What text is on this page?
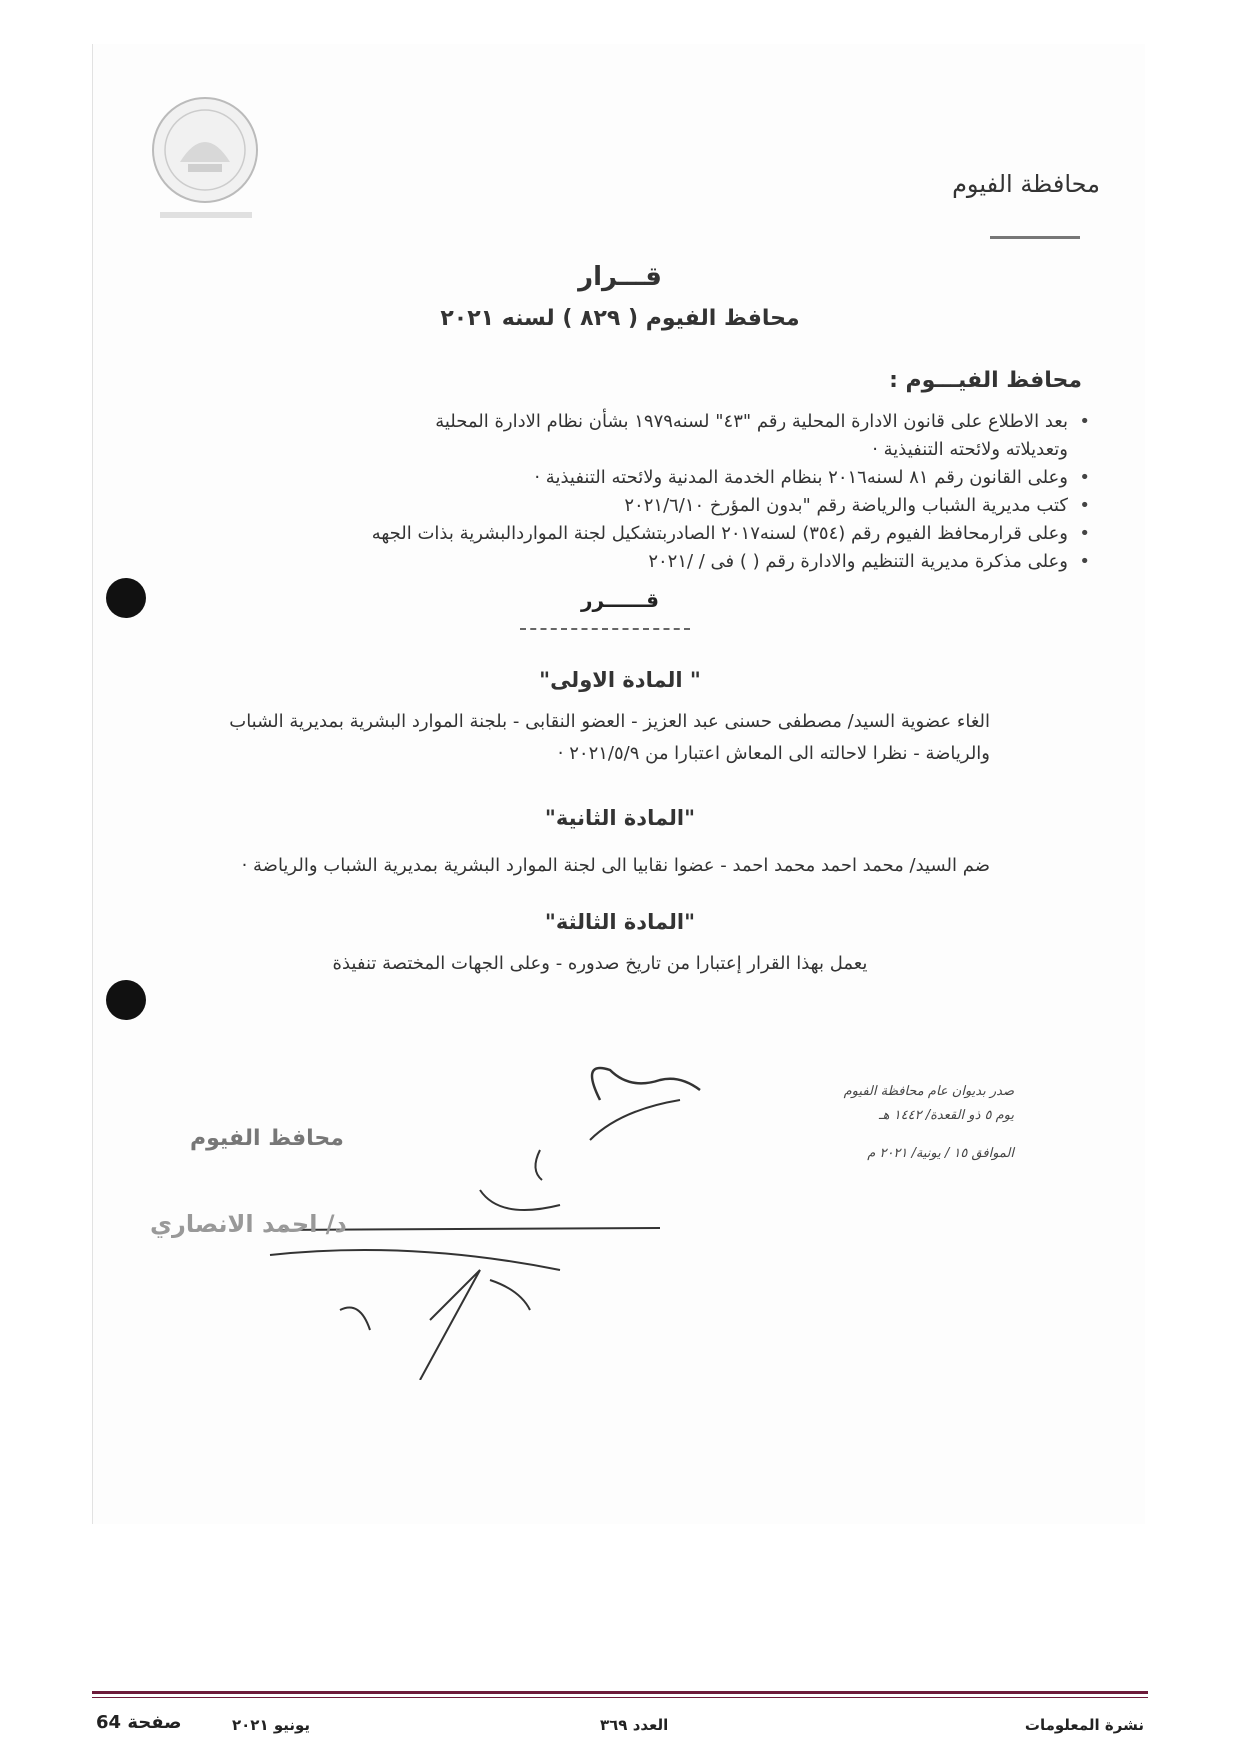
محافظة الفيوم
قـــرار
محافظ الفيوم ( ٨٢٩ ) لسنه ٢٠٢١
محافظ الفيـــوم :
• بعد الاطلاع على قانون الادارة المحلية رقم "٤٣" لسنه١٩٧٩ بشأن نظام الادارة المحلية
وتعديلاته ولائحته التنفيذية ·
• وعلى القانون رقم ٨١ لسنه٢٠١٦ بنظام الخدمة المدنية ولائحته التنفيذية ·
• كتب مديرية الشباب والرياضة رقم "بدون المؤرخ ٢٠٢١/٦/١٠
• وعلى قرارمحافظ الفيوم رقم (٣٥٤) لسنه٢٠١٧ الصادربتشكيل لجنة المواردالبشرية بذات الجهه
• وعلى مذكرة مديرية التنظيم والادارة رقم ( ) فى / /٢٠٢١
قــــــرر
" المادة الاولى"
الغاء عضوية السيد/ مصطفى حسنى عبد العزيز - العضو النقابى - بلجنة الموارد البشرية بمديرية الشباب والرياضة - نظرا لاحالته الى المعاش اعتبارا من ٢٠٢١/٥/٩ ·
"المادة الثانية"
ضم السيد/ محمد احمد محمد احمد - عضوا نقابيا الى لجنة الموارد البشرية بمديرية الشباب والرياضة ·
"المادة الثالثة"
يعمل بهذا القرار إعتبارا من تاريخ صدوره - وعلى الجهات المختصة تنفيذة
صدر بديوان عام محافظة الفيوم
يوم ٥ ذو القعدة/ ١٤٤٢ هـ
الموافق ١٥ / يونية/ ٢٠٢١ م
محافظ الفيوم
د/ احمد الانصاري
نشرة المعلومات
العدد ٣٦٩
يونيو ٢٠٢١
صفحة 64
